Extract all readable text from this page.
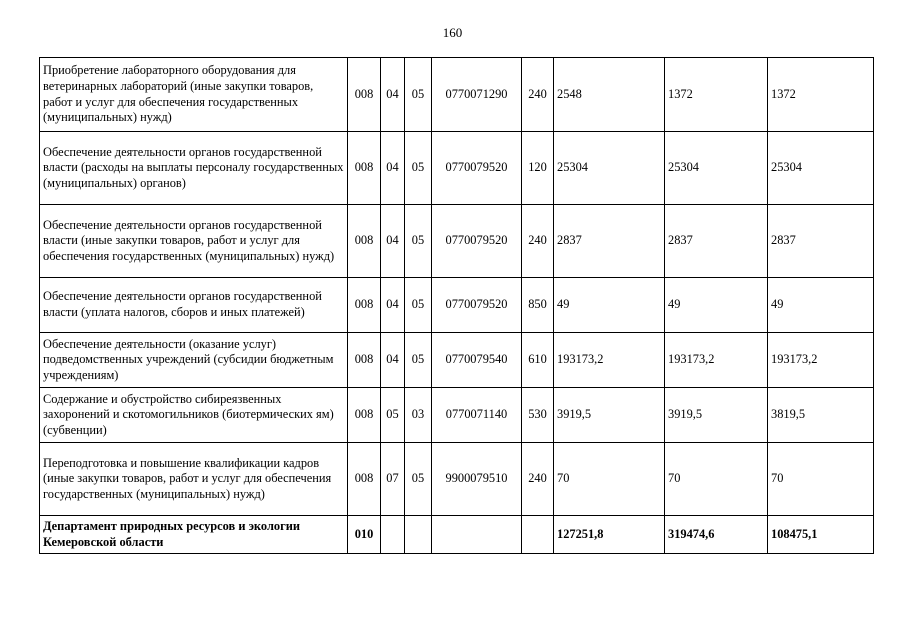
160
Приобретение лабораторного оборудования для ветеринарных лабораторий (иные закупки товаров, работ и услуг для обеспечения государственных (муниципальных) нужд)	008	04	05	0770071290	240	2548	1372	1372
Обеспечение деятельности органов государственной власти (расходы на выплаты персоналу государственных (муниципальных) органов)	008	04	05	0770079520	120	25304	25304	25304
Обеспечение деятельности органов государственной власти (иные закупки товаров, работ и услуг для обеспечения государственных (муниципальных) нужд)	008	04	05	0770079520	240	2837	2837	2837
Обеспечение деятельности органов государственной власти (уплата налогов, сборов и иных платежей)	008	04	05	0770079520	850	49	49	49
Обеспечение деятельности (оказание услуг) подведомственных учреждений (субсидии бюджетным учреждениям)	008	04	05	0770079540	610	193173,2	193173,2	193173,2
Содержание и обустройство сибиреязвенных захоронений и скотомогильников (биотермических ям) (субвенции)	008	05	03	0770071140	530	3919,5	3919,5	3819,5
Переподготовка и повышение квалификации кадров (иные закупки товаров, работ и услуг для обеспечения государственных (муниципальных) нужд)	008	07	05	9900079510	240	70	70	70
Департамент природных ресурсов и экологии Кемеровской области	010					127251,8	319474,6	108475,1
